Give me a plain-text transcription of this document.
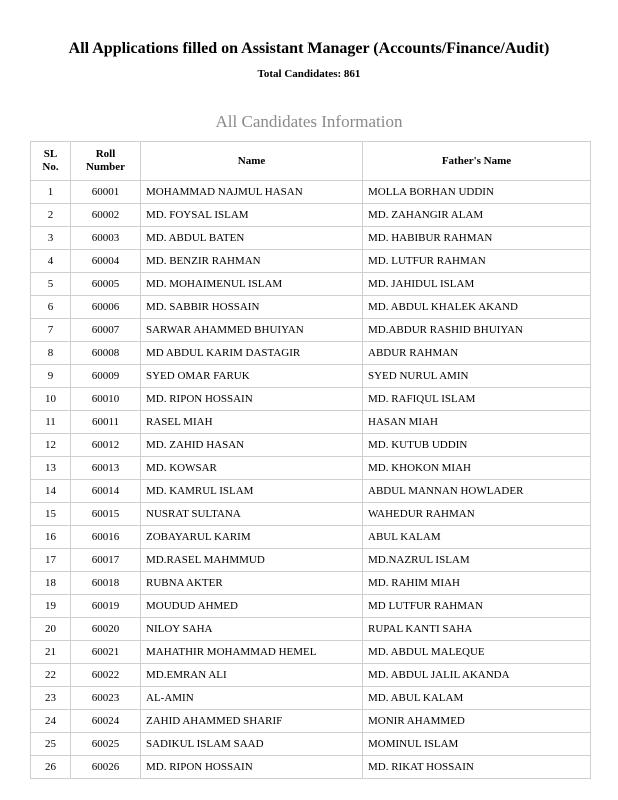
All Applications filled on Assistant Manager (Accounts/Finance/Audit)
Total Candidates: 861
All Candidates Information
SL No.	Roll Number	Name	Father's Name
1	60001	MOHAMMAD NAJMUL HASAN	MOLLA BORHAN UDDIN
2	60002	MD. FOYSAL ISLAM	MD. ZAHANGIR ALAM
3	60003	MD. ABDUL BATEN	MD. HABIBUR RAHMAN
4	60004	MD. BENZIR RAHMAN	MD. LUTFUR RAHMAN
5	60005	MD. MOHAIMENUL ISLAM	MD. JAHIDUL ISLAM
6	60006	MD. SABBIR HOSSAIN	MD. ABDUL KHALEK AKAND
7	60007	SARWAR AHAMMED BHUIYAN	MD.ABDUR RASHID BHUIYAN
8	60008	MD ABDUL KARIM DASTAGIR	ABDUR RAHMAN
9	60009	SYED OMAR FARUK	SYED NURUL AMIN
10	60010	MD. RIPON HOSSAIN	MD. RAFIQUL ISLAM
11	60011	RASEL MIAH	HASAN MIAH
12	60012	MD. ZAHID HASAN	MD. KUTUB UDDIN
13	60013	MD. KOWSAR	MD. KHOKON MIAH
14	60014	MD. KAMRUL ISLAM	ABDUL MANNAN HOWLADER
15	60015	NUSRAT SULTANA	WAHEDUR RAHMAN
16	60016	ZOBAYARUL KARIM	ABUL KALAM
17	60017	MD.RASEL MAHMMUD	MD.NAZRUL ISLAM
18	60018	RUBNA AKTER	MD. RAHIM MIAH
19	60019	MOUDUD AHMED	MD LUTFUR RAHMAN
20	60020	NILOY SAHA	RUPAL KANTI SAHA
21	60021	MAHATHIR MOHAMMAD HEMEL	MD. ABDUL MALEQUE
22	60022	MD.EMRAN ALI	MD. ABDUL JALIL AKANDA
23	60023	AL-AMIN	MD. ABUL KALAM
24	60024	ZAHID AHAMMED SHARIF	MONIR AHAMMED
25	60025	SADIKUL ISLAM SAAD	MOMINUL ISLAM
26	60026	MD. RIPON HOSSAIN	MD. RIKAT HOSSAIN
